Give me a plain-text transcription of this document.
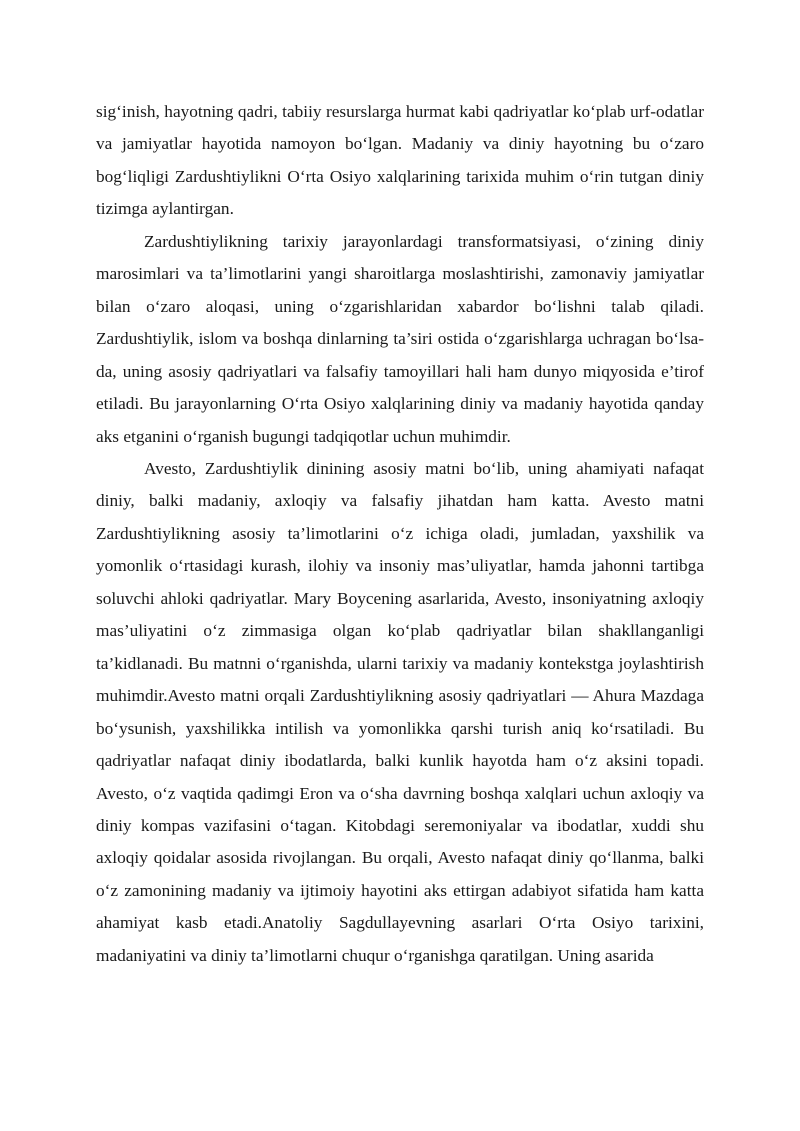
sig‘inish, hayotning qadri, tabiiy resurslarga hurmat kabi qadriyatlar ko‘plab urf-odatlar va jamiyatlar hayotida namoyon bo‘lgan. Madaniy va diniy hayotning bu o‘zaro bog‘liqligi Zardushtiylikni O‘rta Osiyo xalqlarining tarixida muhim o‘rin tutgan diniy tizimga aylantirgan.

Zardushtiylikning tarixiy jarayonlardagi transformatsiyasi, o‘zining diniy marosimlari va ta’limotlarini yangi sharoitlarga moslashtirishi, zamonaviy jamiyatlar bilan o‘zaro aloqasi, uning o‘zgarishlaridan xabardor bo‘lishni talab qiladi. Zardushtiylik, islom va boshqa dinlarning ta’siri ostida o‘zgarishlarga uchragan bo‘lsa-da, uning asosiy qadriyatlari va falsafiy tamoyillari hali ham dunyo miqyosida e’tirof etiladi. Bu jarayonlarning O‘rta Osiyo xalqlarining diniy va madaniy hayotida qanday aks etganini o‘rganish bugungi tadqiqotlar uchun muhimdir.

Avesto, Zardushtiylik dinining asosiy matni bo‘lib, uning ahamiyati nafaqat diniy, balki madaniy, axloqiy va falsafiy jihatdan ham katta. Avesto matni Zardushtiylikning asosiy ta’limotlarini o‘z ichiga oladi, jumladan, yaxshilik va yomonlik o‘rtasidagi kurash, ilohiy va insoniy mas’uliyatlar, hamda jahonni tartibga soluvchi ahloki qadriyatlar. Mary Boycening asarlarida, Avesto, insoniyatning axloqiy mas’uliyatini o‘z zimmasiga olgan ko‘plab qadriyatlar bilan shakllanganligi ta’kidlanadi. Bu matnni o‘rganishda, ularni tarixiy va madaniy kontekstga joylashtirish muhimdir.Avesto matni orqali Zardushtiylikning asosiy qadriyatlari — Ahura Mazdaga bo‘ysunish, yaxshilikka intilish va yomonlikka qarshi turish aniq ko‘rsatiladi. Bu qadriyatlar nafaqat diniy ibodatlarda, balki kunlik hayotda ham o‘z aksini topadi. Avesto, o‘z vaqtida qadimgi Eron va o‘sha davrning boshqa xalqlari uchun axloqiy va diniy kompas vazifasini o‘tagan. Kitobdagi seremoniyalar va ibodatlar, xuddi shu axloqiy qoidalar asosida rivojlangan. Bu orqali, Avesto nafaqat diniy qo‘llanma, balki o‘z zamonining madaniy va ijtimoiy hayotini aks ettirgan adabiyot sifatida ham katta ahamiyat kasb etadi.Anatoliy Sagdullayevning asarlari O‘rta Osiyo tarixini, madaniyatini va diniy ta’limotlarni chuqur o‘rganishga qaratilgan. Uning asarida
